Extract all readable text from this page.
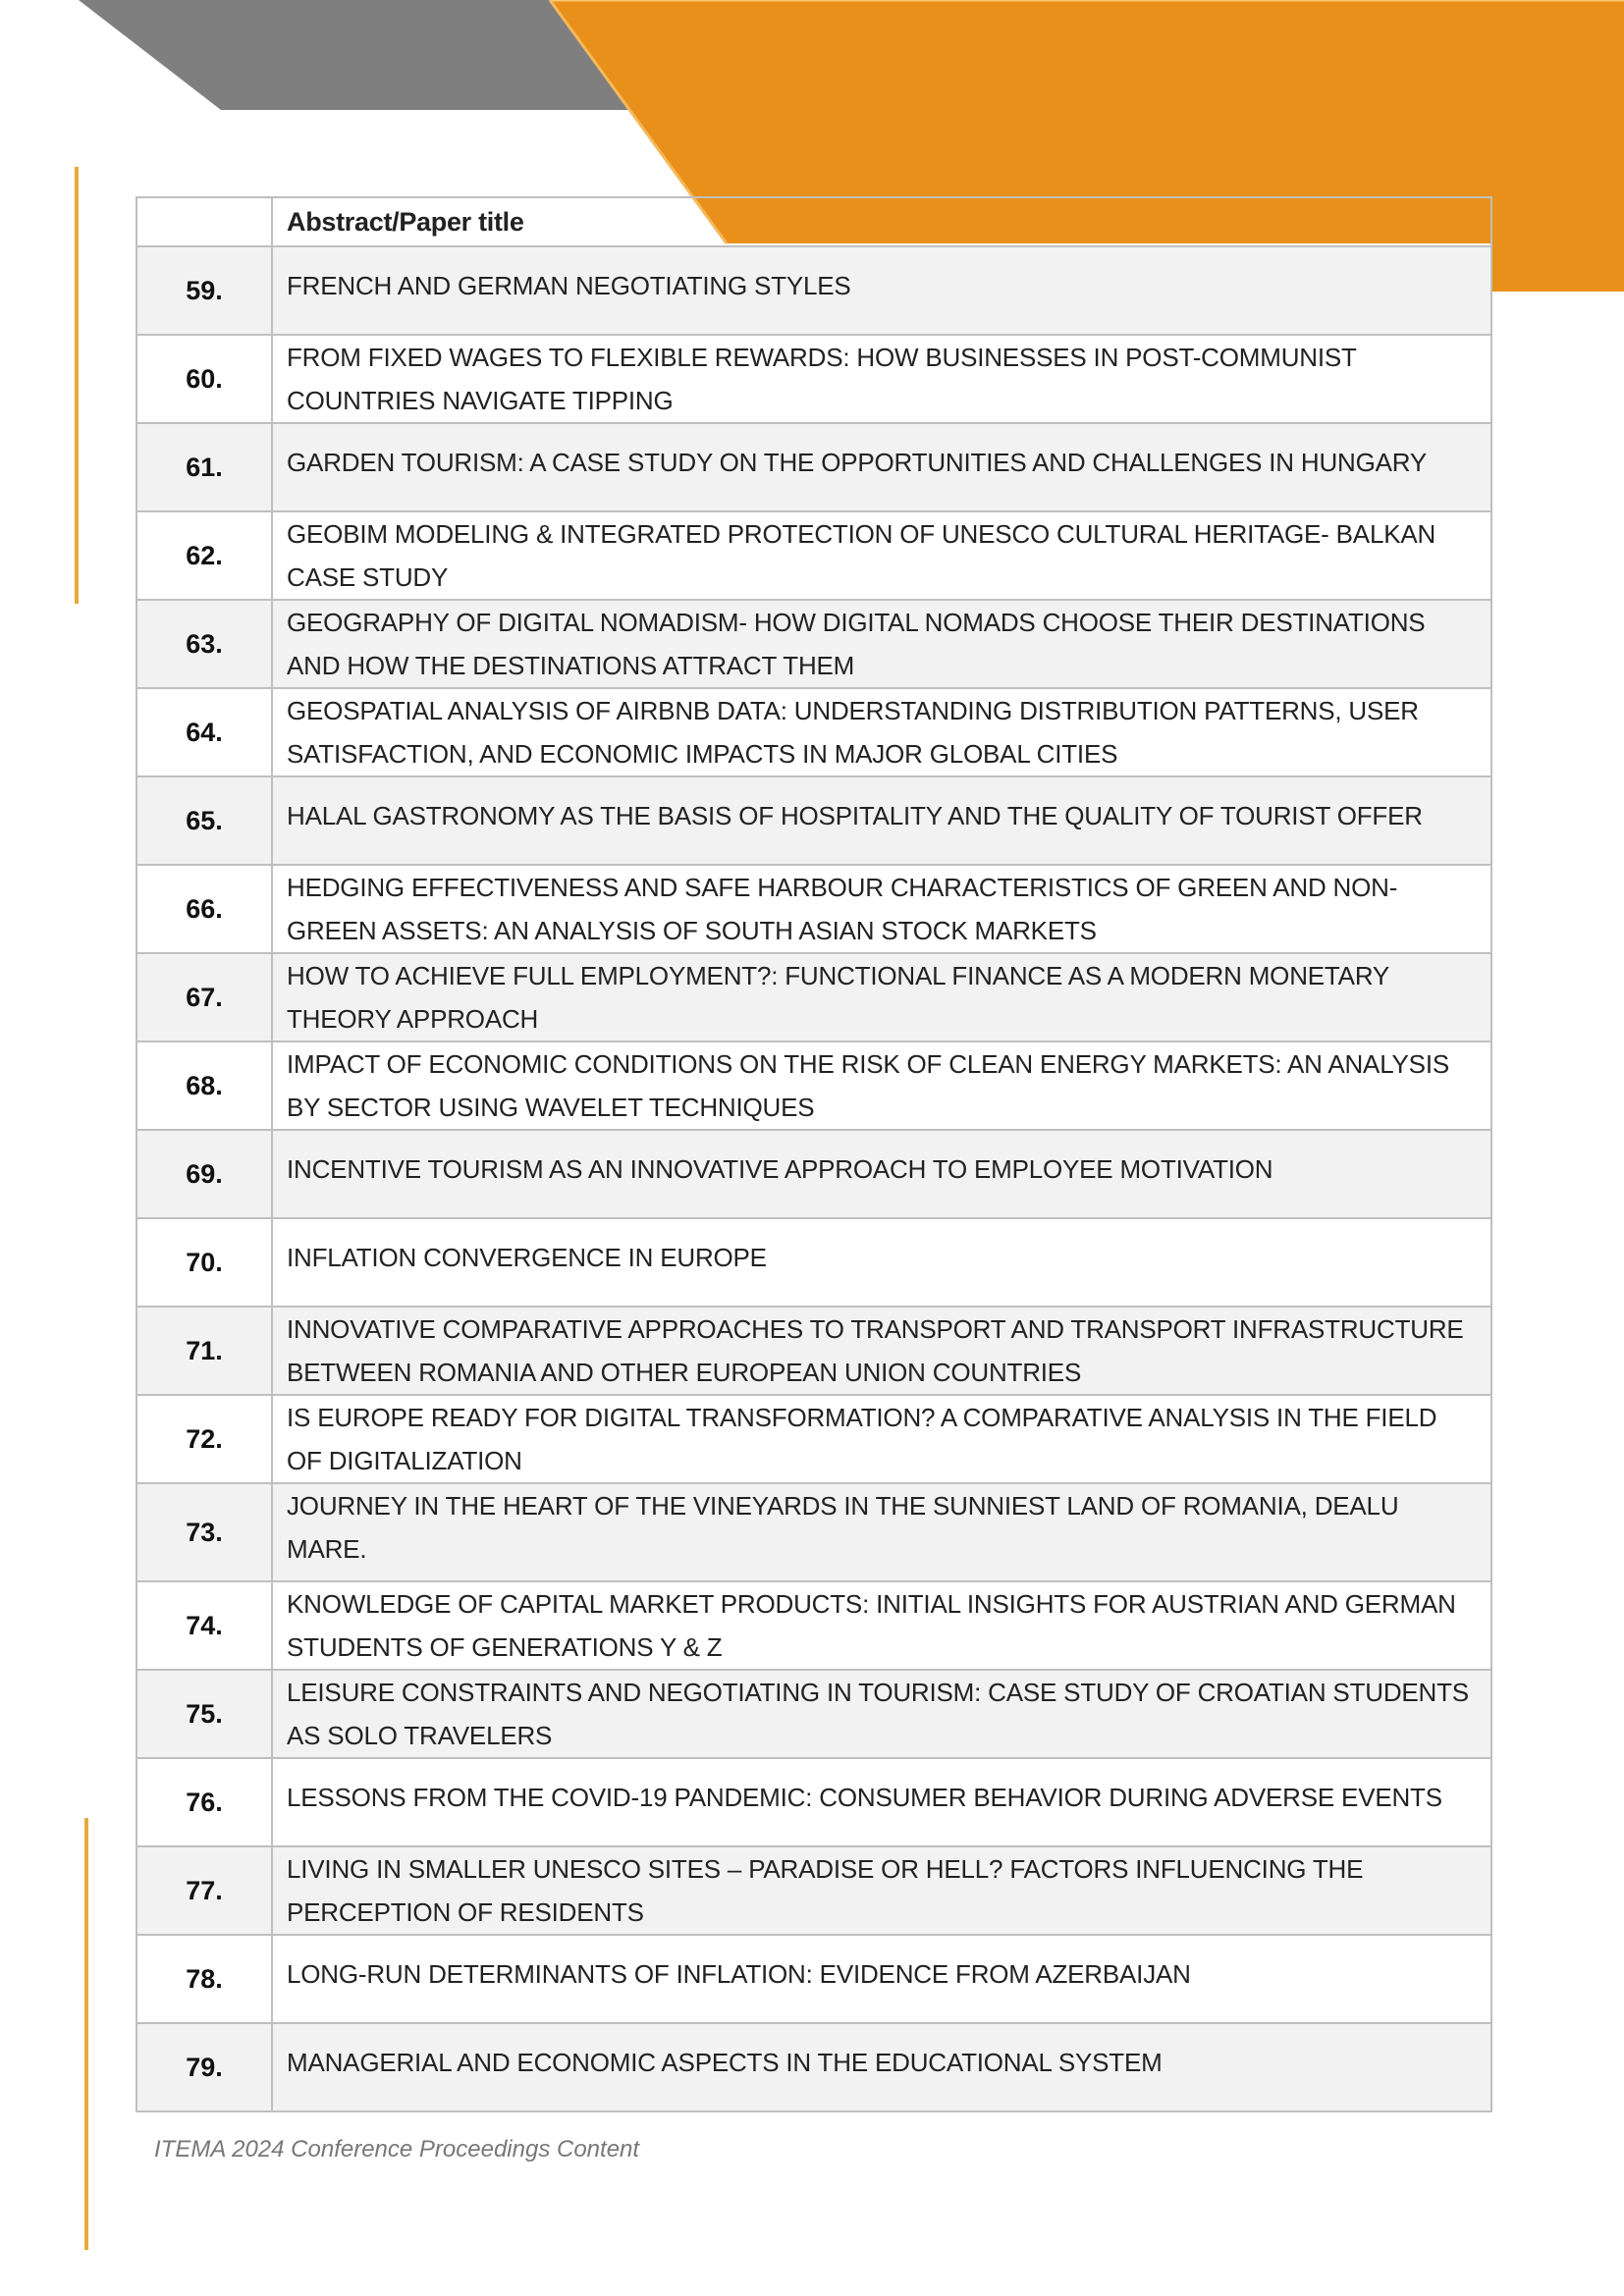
	Abstract/Paper title
59.	FRENCH AND GERMAN NEGOTIATING STYLES
60.	FROM FIXED WAGES TO FLEXIBLE REWARDS: HOW BUSINESSES IN POST-COMMUNIST COUNTRIES NAVIGATE TIPPING
61.	GARDEN TOURISM: A CASE STUDY ON THE OPPORTUNITIES AND CHALLENGES IN HUNGARY
62.	GEOBIM MODELING & INTEGRATED PROTECTION OF UNESCO CULTURAL HERITAGE- BALKAN CASE STUDY
63.	GEOGRAPHY OF DIGITAL NOMADISM- HOW DIGITAL NOMADS CHOOSE THEIR DESTINATIONS AND HOW THE DESTINATIONS ATTRACT THEM
64.	GEOSPATIAL ANALYSIS OF AIRBNB DATA: UNDERSTANDING DISTRIBUTION PATTERNS, USER SATISFACTION, AND ECONOMIC IMPACTS IN MAJOR GLOBAL CITIES
65.	HALAL GASTRONOMY AS THE BASIS OF HOSPITALITY AND THE QUALITY OF TOURIST OFFER
66.	HEDGING EFFECTIVENESS AND SAFE HARBOUR CHARACTERISTICS OF GREEN AND NON-GREEN ASSETS: AN ANALYSIS OF SOUTH ASIAN STOCK MARKETS
67.	HOW TO ACHIEVE FULL EMPLOYMENT?: FUNCTIONAL FINANCE AS A MODERN MONETARY THEORY APPROACH
68.	IMPACT OF ECONOMIC CONDITIONS ON THE RISK OF CLEAN ENERGY MARKETS: AN ANALYSIS BY SECTOR USING WAVELET TECHNIQUES
69.	INCENTIVE TOURISM AS AN INNOVATIVE APPROACH TO EMPLOYEE MOTIVATION
70.	INFLATION CONVERGENCE IN EUROPE
71.	INNOVATIVE COMPARATIVE APPROACHES TO TRANSPORT AND TRANSPORT INFRASTRUCTURE BETWEEN ROMANIA AND OTHER EUROPEAN UNION COUNTRIES
72.	IS EUROPE READY FOR DIGITAL TRANSFORMATION? A COMPARATIVE ANALYSIS IN THE FIELD OF DIGITALIZATION
73.	JOURNEY IN THE HEART OF THE VINEYARDS IN THE SUNNIEST LAND OF ROMANIA, DEALU MARE.
74.	KNOWLEDGE OF CAPITAL MARKET PRODUCTS: INITIAL INSIGHTS FOR AUSTRIAN AND GERMAN STUDENTS OF GENERATIONS Y & Z
75.	LEISURE CONSTRAINTS AND NEGOTIATING IN TOURISM: CASE STUDY OF CROATIAN STUDENTS AS SOLO TRAVELERS
76.	LESSONS FROM THE COVID-19 PANDEMIC: CONSUMER BEHAVIOR DURING ADVERSE EVENTS
77.	LIVING IN SMALLER UNESCO SITES – PARADISE OR HELL? FACTORS INFLUENCING THE PERCEPTION OF RESIDENTS
78.	LONG-RUN DETERMINANTS OF INFLATION: EVIDENCE FROM AZERBAIJAN
79.	MANAGERIAL AND ECONOMIC ASPECTS IN THE EDUCATIONAL SYSTEM
ITEMA 2024 Conference Proceedings Content
